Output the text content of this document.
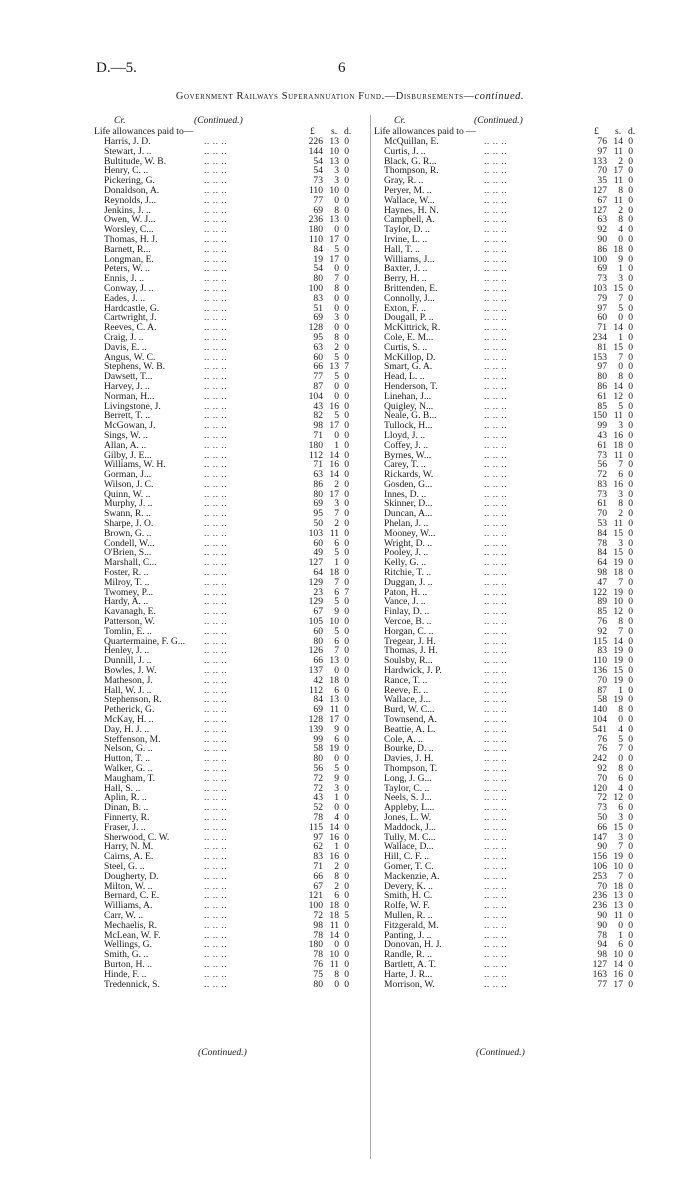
D.—5.	6
Government Railways Superannuation Fund.—Disbursements—continued.
Cr.	(Continued.)
Life allowances paid to—	£ s. d.
Harris, J. D.	.. .. ..	226 13 0
Stewart, J. ..	.. .. ..	144 10 0
Bultitude, W. B.	.. .. ..	54 13 0
Henry, C. ..	.. .. ..	54	3 0
Pickering, G.	.. .. ..	73	3 0
Donaldson, A.	.. .. ..	110 10 0
Reynolds, J...	.. .. ..	77	0 0
Jenkins, J. ..	.. .. ..	69	8 0
Owen, W. J...	.. .. ..	236 13 0
Worsley, C...	.. .. ..	180	0 0
Thomas, H. J.	.. .. ..	110 17 0
Barnett, R...	.. .. ..	84	5 0
Longman, E.	.. .. ..	19 17 0
Peters, W. ..	.. .. ..	54	0 0
Ennis, J. ..	.. .. ..	80	7 0
Conway, J. ..	.. .. ..	100	8 0
Eades, J. ..	.. .. ..	83	0 0
Hardcastle, G.	.. .. ..	51	0 0
Cartwright, J.	.. .. ..	69	3 0
Reeves, C. A.	.. .. ..	128	0 0
Craig, J. ..	.. .. ..	95	8 0
Davis, E. ..	.. .. ..	63	2 0
Angus, W. C.	.. .. ..	60	5 0
Stephens, W. B.	.. .. ..	66 13 7
Dawsett, T...	.. .. ..	77	5 0
Harvey, J. ..	.. .. ..	87	0 0
Norman, H...	.. .. ..	104	0 0
Livingstone, J.	.. .. ..	43 16 0
Berrett, T. ..	.. .. ..	82	5 0
McGowan, J.	.. .. ..	98 17 0
Sings, W. ..	.. .. ..	71	0 0
Allan, A. ..	.. .. ..	180	1 0
Gilby, J. E...	.. .. ..	112 14 0
Williams, W. H.	.. .. ..	71 16 0
Gorman, J...	.. .. ..	63 14 0
Wilson, J. C.	.. .. ..	86	2 0
Quinn, W. ..	.. .. ..	80 17 0
Murphy, J. ..	.. .. ..	69	3 0
Swann, R. ..	.. .. ..	95	7 0
Sharpe, J. O.	.. .. ..	50	2 0
Brown, G. ..	.. .. ..	103 11 0
Condell, W...	.. .. ..	60	6 0
O'Brien, S...	.. .. ..	49	5 0
Marshall, C...	.. .. ..	127	1 0
Foster, R. ..	.. .. ..	64 18 0
Milroy, T. ..	.. .. ..	129	7 0
Twomey, P...	.. .. ..	23	6 7
Hardy, A. ..	.. .. ..	129	5 0
Kavanagh, E.	.. .. ..	67	9 0
Patterson, W.	.. .. ..	105 10 0
Tomlin, E. ..	.. .. ..	60	5 0
Quartermaine, F. G... .. .. ..	80	6 0
Henley, J. ..	.. .. ..	126	7 0
Dunnill, J. ..	.. .. ..	66 13 0
Bowles, J. W.	.. .. ..	137	0 0
Matheson, J.	.. .. ..	42 18 0
Hall, W. J. ..	.. .. ..	112	6 0
Stephenson, R.	.. .. ..	84 13 0
Petherick, G.	.. .. ..	69 11 0
McKay, H. ..	.. .. ..	128 17 0
Day, H. J. ..	.. .. ..	139	9 0
Steffenson, M.	.. .. ..	99	6 0
Nelson, G. ..	.. .. ..	58 19 0
Hutton, T. ..	.. .. ..	80	0 0
Walker, G. ..	.. .. ..	56	5 0
Maugham, T.	.. .. ..	72	9 0
Hall, S. ..	.. .. ..	72	3 0
Aplin, R. ..	.. .. ..	43	1 0
Dinan, B. ..	.. .. ..	52	0 0
Finnerty, R.	.. .. ..	78	4 0
Fraser, J. ..	.. .. ..	115 14 0
Sherwood, C. W.	.. .. ..	97 16 0
Harry, N. M.	.. .. ..	62	1 0
Cairns, A. E.	.. .. ..	83 16 0
Steel, G. ..	.. .. ..	71	2 0
Dougherty, D.	.. .. ..	66	8 0
Milton, W. ..	.. .. ..	67	2 0
Bernard, C. E.	.. .. ..	121	6 0
Williams, A.	.. .. ..	100 18 0
Carr, W. ..	.. .. ..	72 18 5
Mechaelis, R.	.. .. ..	98 11 0
McLean, W. F.	.. .. ..	78 14 0
Wellings, G.	.. .. ..	180	0 0
Smith, G. ..	.. .. ..	78 10 0
Burton, H. ..	.. .. ..	76 11 0
Hinde, F. ..	.. .. ..	75	8 0
Tredennick, S.	.. .. ..	80	0 0
Cr.	(Continued.)
Life allowances paid to —	£ s. d.
McQuillan, E.	.. .. ..	76 14 0
Curtis, J. ..	.. .. ..	97 11 0
Black, G. R...	.. .. ..	133	2 0
Thompson, R.	.. .. ..	70 17 0
Gray, R. ..	.. .. ..	35 11 0
Peryer, M. ..	.. .. ..	127	8 0
Wallace, W...	.. .. ..	67 11 0
Haynes, H. N.	.. .. ..	127	2 0
Campbell, A.	.. .. ..	63	8 0
Taylor, D. ..	.. .. ..	92	4 0
Irvine, L. ..	.. .. ..	90	0 0
Hall, T. ..	.. .. ..	86 18 0
Williams, J...	.. .. ..	100	9 0
Baxter, J. ..	.. .. ..	69	1 0
Berry, H. ..	.. .. ..	73	3 0
Brittenden, E.	.. .. ..	103 15 0
Connolly, J...	.. .. ..	79	7 0
Exton, F. ..	.. .. ..	97	5 0
Dougall, P. ..	.. .. ..	60	0 0
McKittrick, R.	.. .. ..	71 14 0
Cole, E. M...	.. .. ..	234	1 0
Curtis, S. ..	.. .. ..	81 15 0
McKillop, D.	.. .. ..	153	7 0
Smart, G. A.	.. .. ..	97	0 0
Head, L. ..	.. .. ..	80	8 0
Henderson, T.	.. .. ..	86 14 0
Linehan, J...	.. .. ..	61 12 0
Quigley, N...	.. .. ..	85	5 0
Neale, G. B...	.. .. ..	150 11 0
Tullock, H...	.. .. ..	99	3 0
Lloyd, J. ..	.. .. ..	43 16 0
Coffey, J. ..	.. .. ..	61 18 0
Byrnes, W...	.. .. ..	73 11 0
Carey, T. ..	.. .. ..	56	7 0
Rickards, W.	.. .. ..	72	6 0
Gosden, G...	.. .. ..	83 16 0
Innes, D. ..	.. .. ..	73	3 0
Skinner, D...	.. .. ..	61	8 0
Duncan, A...	.. .. ..	70	2 0
Phelan, J. ..	.. .. ..	53 11 0
Mooney, W...	.. .. ..	84 15 0
Wright, D. ..	.. .. ..	78	3 0
Pooley, J. ..	.. .. ..	84 15 0
Kelly, G. ..	.. .. ..	64 19 0
Ritchie, T. ..	.. .. ..	98 18 0
Duggan, J. ..	.. .. ..	47	7 0
Paton, H. ..	.. .. ..	122 19 0
Vance, J. ..	.. .. ..	89 10 0
Finlay, D. ..	.. .. ..	85 12 0
Vercoe, B. ..	.. .. ..	76	8 0
Horgan, C. ..	.. .. ..	92	7 0
Tregear, J. H.	.. .. ..	115 14 0
Thomas, J. H.	.. .. ..	83 19 0
Soulsby, R...	.. .. ..	110 19 0
Hardwick, J. P.	.. .. ..	136 15 0
Rance, T. ..	.. .. ..	70 19 0
Reeve, E. ..	.. .. ..	87	1 0
Wallace, J...	.. .. ..	58 19 0
Burd, W. C...	.. .. ..	140	8 0
Townsend, A.	.. .. ..	104	0 0
Beattie, A. L.	.. .. ..	541	4 0
Cole, A. ..	.. .. ..	76	5 0
Bourke, D. ..	.. .. ..	76	7 0
Davies, J. H.	.. .. ..	242	0 0
Thompson, T.	.. .. ..	92	8 0
Long, J. G...	.. .. ..	70	6 0
Taylor, C. ..	.. .. ..	120	4 0
Neels, S. J...	.. .. ..	72 12 0
Appleby, L...	.. .. ..	73	6 0
Jones, L. W.	.. .. ..	50	3 0
Maddock, J...	.. .. ..	66 15 0
Tully, M. C...	.. .. ..	147	3 0
Wallace, D...	.. .. ..	90	7 0
Hill, C. F. ..	.. .. ..	156 19 0
Gomer, T. C.	.. .. ..	106 10 0
Mackenzie, A.	.. .. ..	253	7 0
Devery, K. ..	.. .. ..	70 18 0
Smith, H. C.	.. .. ..	236 13 0
Rolfe, W. F.	.. .. ..	236 13 0
Mullen, R. ..	.. .. ..	90 11 0
Fitzgerald, M.	.. .. ..	90	0 0
Panting, J. ..	.. .. ..	78	1 0
Donovan, H. J.	.. .. ..	94	6 0
Randle, R. ..	.. .. ..	98 10 0
Bartlett, A. T.	.. .. ..	127 14 0
Harte, J. R...	.. .. ..	163 16 0
Morrison, W.	.. .. ..	77 17 0
(Continued.)	(Continued.)
